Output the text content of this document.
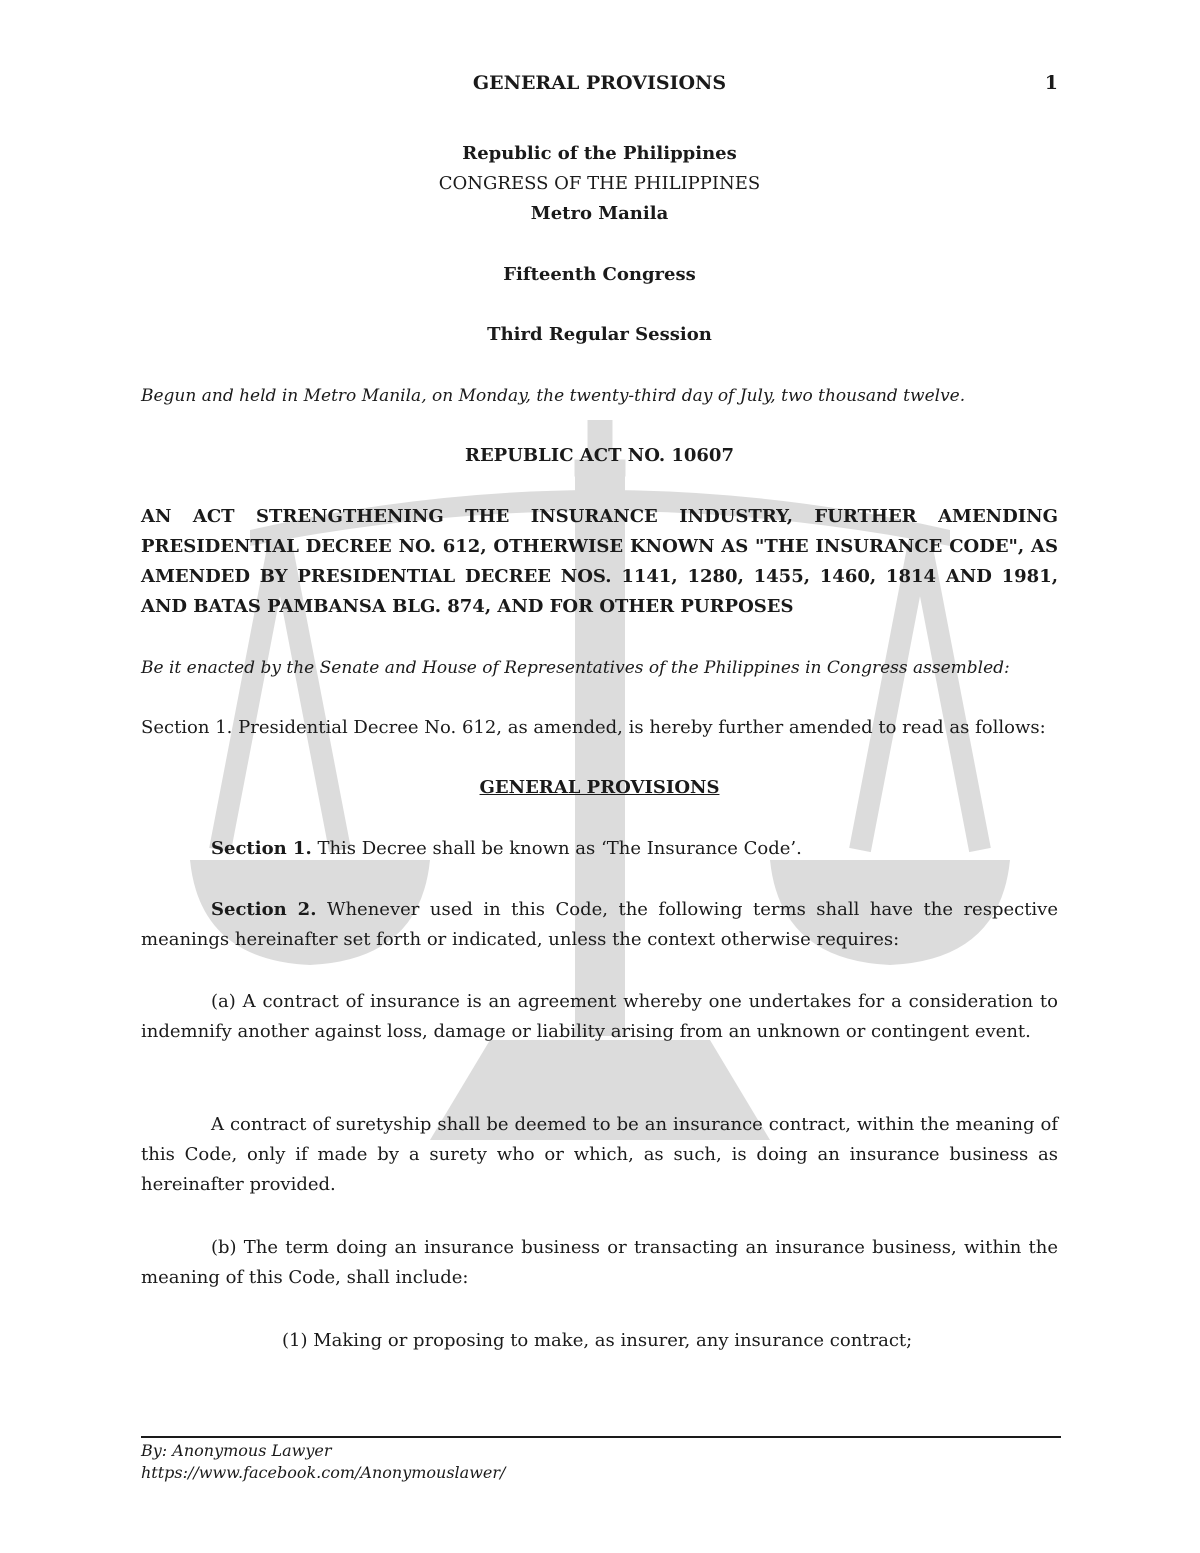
GENERAL PROVISIONS	1
Republic of the Philippines
CONGRESS OF THE PHILIPPINES
Metro Manila
Fifteenth Congress
Third Regular Session
Begun and held in Metro Manila, on Monday, the twenty-third day of July, two thousand twelve.
REPUBLIC ACT NO. 10607
AN ACT STRENGTHENING THE INSURANCE INDUSTRY, FURTHER AMENDING PRESIDENTIAL DECREE NO. 612, OTHERWISE KNOWN AS "THE INSURANCE CODE", AS AMENDED BY PRESIDENTIAL DECREE NOS. 1141, 1280, 1455, 1460, 1814 AND 1981, AND BATAS PAMBANSA BLG. 874, AND FOR OTHER PURPOSES
Be it enacted by the Senate and House of Representatives of the Philippines in Congress assembled:
Section 1. Presidential Decree No. 612, as amended, is hereby further amended to read as follows:
GENERAL PROVISIONS
Section 1. This Decree shall be known as ‘The Insurance Code’.
Section 2. Whenever used in this Code, the following terms shall have the respective meanings hereinafter set forth or indicated, unless the context otherwise requires:
(a) A contract of insurance is an agreement whereby one undertakes for a consideration to indemnify another against loss, damage or liability arising from an unknown or contingent event.
A contract of suretyship shall be deemed to be an insurance contract, within the meaning of this Code, only if made by a surety who or which, as such, is doing an insurance business as hereinafter provided.
(b) The term doing an insurance business or transacting an insurance business, within the meaning of this Code, shall include:
(1) Making or proposing to make, as insurer, any insurance contract;
By: Anonymous Lawyer
https://www.facebook.com/Anonymouslawer/
